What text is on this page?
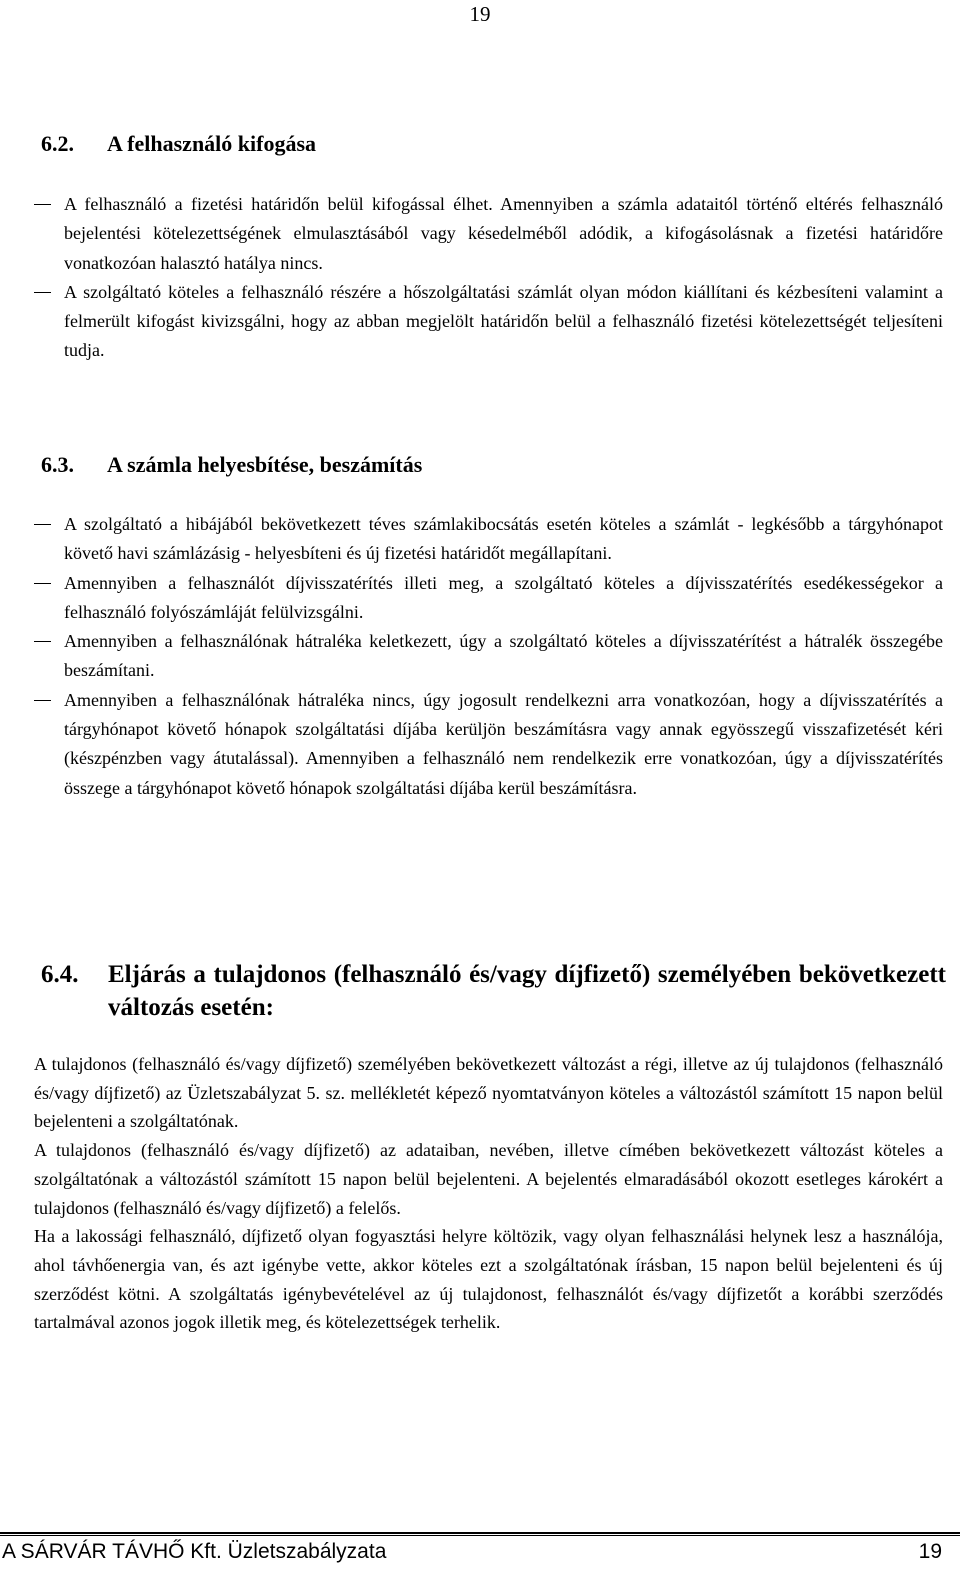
19
6.2. A felhasználó kifogása
A felhasználó a fizetési határidőn belül kifogással élhet. Amennyiben a számla adataitól történő eltérés felhasználó bejelentési kötelezettségének elmulasztásából vagy késedelméből adódik, a kifogásolásnak a fizetési határidőre vonatkozóan halasztó hatálya nincs.
A szolgáltató köteles a felhasználó részére a hőszolgáltatási számlát olyan módon kiállítani és kézbesíteni valamint a felmerült kifogást kivizsgálni, hogy az abban megjelölt határidőn belül a felhasználó fizetési kötelezettségét teljesíteni tudja.
6.3. A számla helyesbítése, beszámítás
A szolgáltató a hibájából bekövetkezett téves számlakibocsátás esetén köteles a számlát - legkésőbb a tárgyhónapot követő havi számlázásig - helyesbíteni és új fizetési határidőt megállapítani.
Amennyiben a felhasználót díjvisszatérítés illeti meg, a szolgáltató köteles a díjvisszatérítés esedékességekor a felhasználó folyószámláját felülvizsgálni.
Amennyiben a felhasználónak hátraléka keletkezett, úgy a szolgáltató köteles a díjvisszatérítést a hátralék összegébe beszámítani.
Amennyiben a felhasználónak hátraléka nincs, úgy jogosult rendelkezni arra vonatkozóan, hogy a díjvisszatérítés a tárgyhónapot követő hónapok szolgáltatási díjába kerüljön beszámításra vagy annak egyösszegű visszafizetését kéri (készpénzben vagy átutalással). Amennyiben a felhasználó nem rendelkezik erre vonatkozóan, úgy a díjvisszatérítés összege a tárgyhónapot követő hónapok szolgáltatási díjába kerül beszámításra.
6.4.	Eljárás a tulajdonos (felhasználó és/vagy díjfizető) személyében bekövetkezett változás esetén:

A tulajdonos (felhasználó és/vagy díjfizető) személyében bekövetkezett változást a régi, illetve az új tulajdonos (felhasználó és/vagy díjfizető) az Üzletszabályzat 5. sz. mellékletét képező nyomtatványon köteles a változástól számított 15 napon belül bejelenteni a szolgáltatónak.

A tulajdonos (felhasználó és/vagy díjfizető) az adataiban, nevében, illetve címében bekövetkezett változást köteles a szolgáltatónak a változástól számított 15 napon belül bejelenteni. A bejelentés elmaradásából okozott esetleges károkért a tulajdonos (felhasználó és/vagy díjfizető) a felelős.

Ha a lakossági felhasználó, díjfizető olyan fogyasztási helyre költözik, vagy olyan felhasználási helynek lesz a használója, ahol távhőenergia van, és azt igénybe vette, akkor köteles ezt a szolgáltatónak írásban, 15 napon belül bejelenteni és új szerződést kötni. A szolgáltatás igénybevételével az új tulajdonost, felhasználót és/vagy díjfizetőt a korábbi szerződés tartalmával azonos jogok illetik meg, és kötelezettségek terhelik.

A SÁRVÁR TÁVHŐ Kft. Üzletszabályzata	19
